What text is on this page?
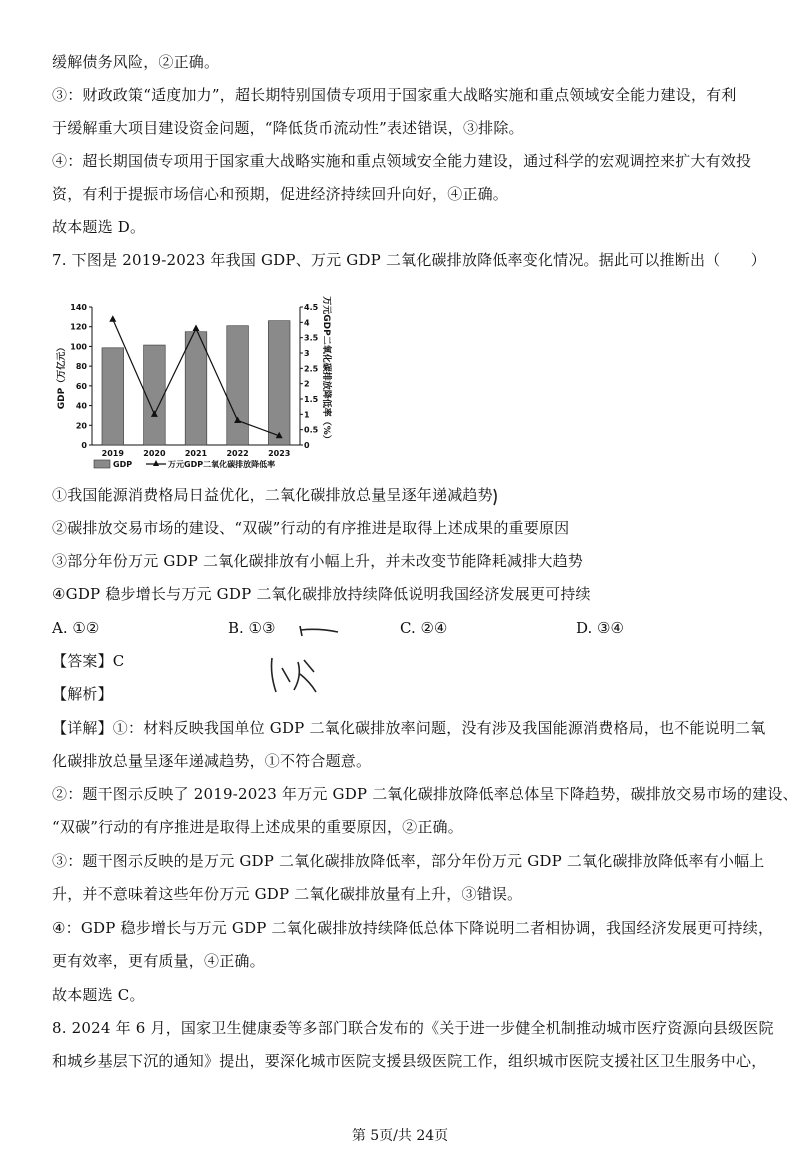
缓解债务风险，②正确。
③：财政政策“适度加力”，超长期特别国债专项用于国家重大战略实施和重点领域安全能力建设，有利
于缓解重大项目建设资金问题，“降低货币流动性”表述错误，③排除。
④：超长期国债专项用于国家重大战略实施和重点领域安全能力建设，通过科学的宏观调控来扩大有效投
资，有利于提振市场信心和预期，促进经济持续回升向好，④正确。
故本题选 D。
7. 下图是 2019-2023 年我国 GDP、万元 GDP 二氧化碳排放降低率变化情况。据此可以推断出（　　）
0
20
40
60
80
100
120
140
0
0.5
1
1.5
2
2.5
3
3.5
4
4.5
GDP（万亿元）	万元GDP二氧化碳排放降低率（%）
2019 2020 2021 2022 2023
GDP	万元GDP二氧化碳排放降低率
①我国能源消费格局日益优化，二氧化碳排放总量呈逐年递减趋势
②碳排放交易市场的建设、“双碳”行动的有序推进是取得上述成果的重要原因
③部分年份万元 GDP 二氧化碳排放有小幅上升，并未改变节能降耗减排大趋势
④GDP 稳步增长与万元 GDP 二氧化碳排放持续降低说明我国经济发展更可持续
A. ①②	B. ①③	C. ②④	D. ③④
【答案】C
【解析】
【详解】①：材料反映我国单位 GDP 二氧化碳排放率问题，没有涉及我国能源消费格局，也不能说明二氧
化碳排放总量呈逐年递减趋势，①不符合题意。
②：题干图示反映了 2019-2023 年万元 GDP 二氧化碳排放降低率总体呈下降趋势，碳排放交易市场的建设、
“双碳”行动的有序推进是取得上述成果的重要原因，②正确。
③：题干图示反映的是万元 GDP 二氧化碳排放降低率，部分年份万元 GDP 二氧化碳排放降低率有小幅上
升，并不意味着这些年份万元 GDP 二氧化碳排放量有上升，③错误。
④：GDP 稳步增长与万元 GDP 二氧化碳排放持续降低总体下降说明二者相协调，我国经济发展更可持续，
更有效率，更有质量，④正确。
故本题选 C。
8. 2024 年 6 月，国家卫生健康委等多部门联合发布的《关于进一步健全机制推动城市医疗资源向县级医院
和城乡基层下沉的通知》提出，要深化城市医院支援县级医院工作，组织城市医院支援社区卫生服务中心，
第 5页/共 24页
